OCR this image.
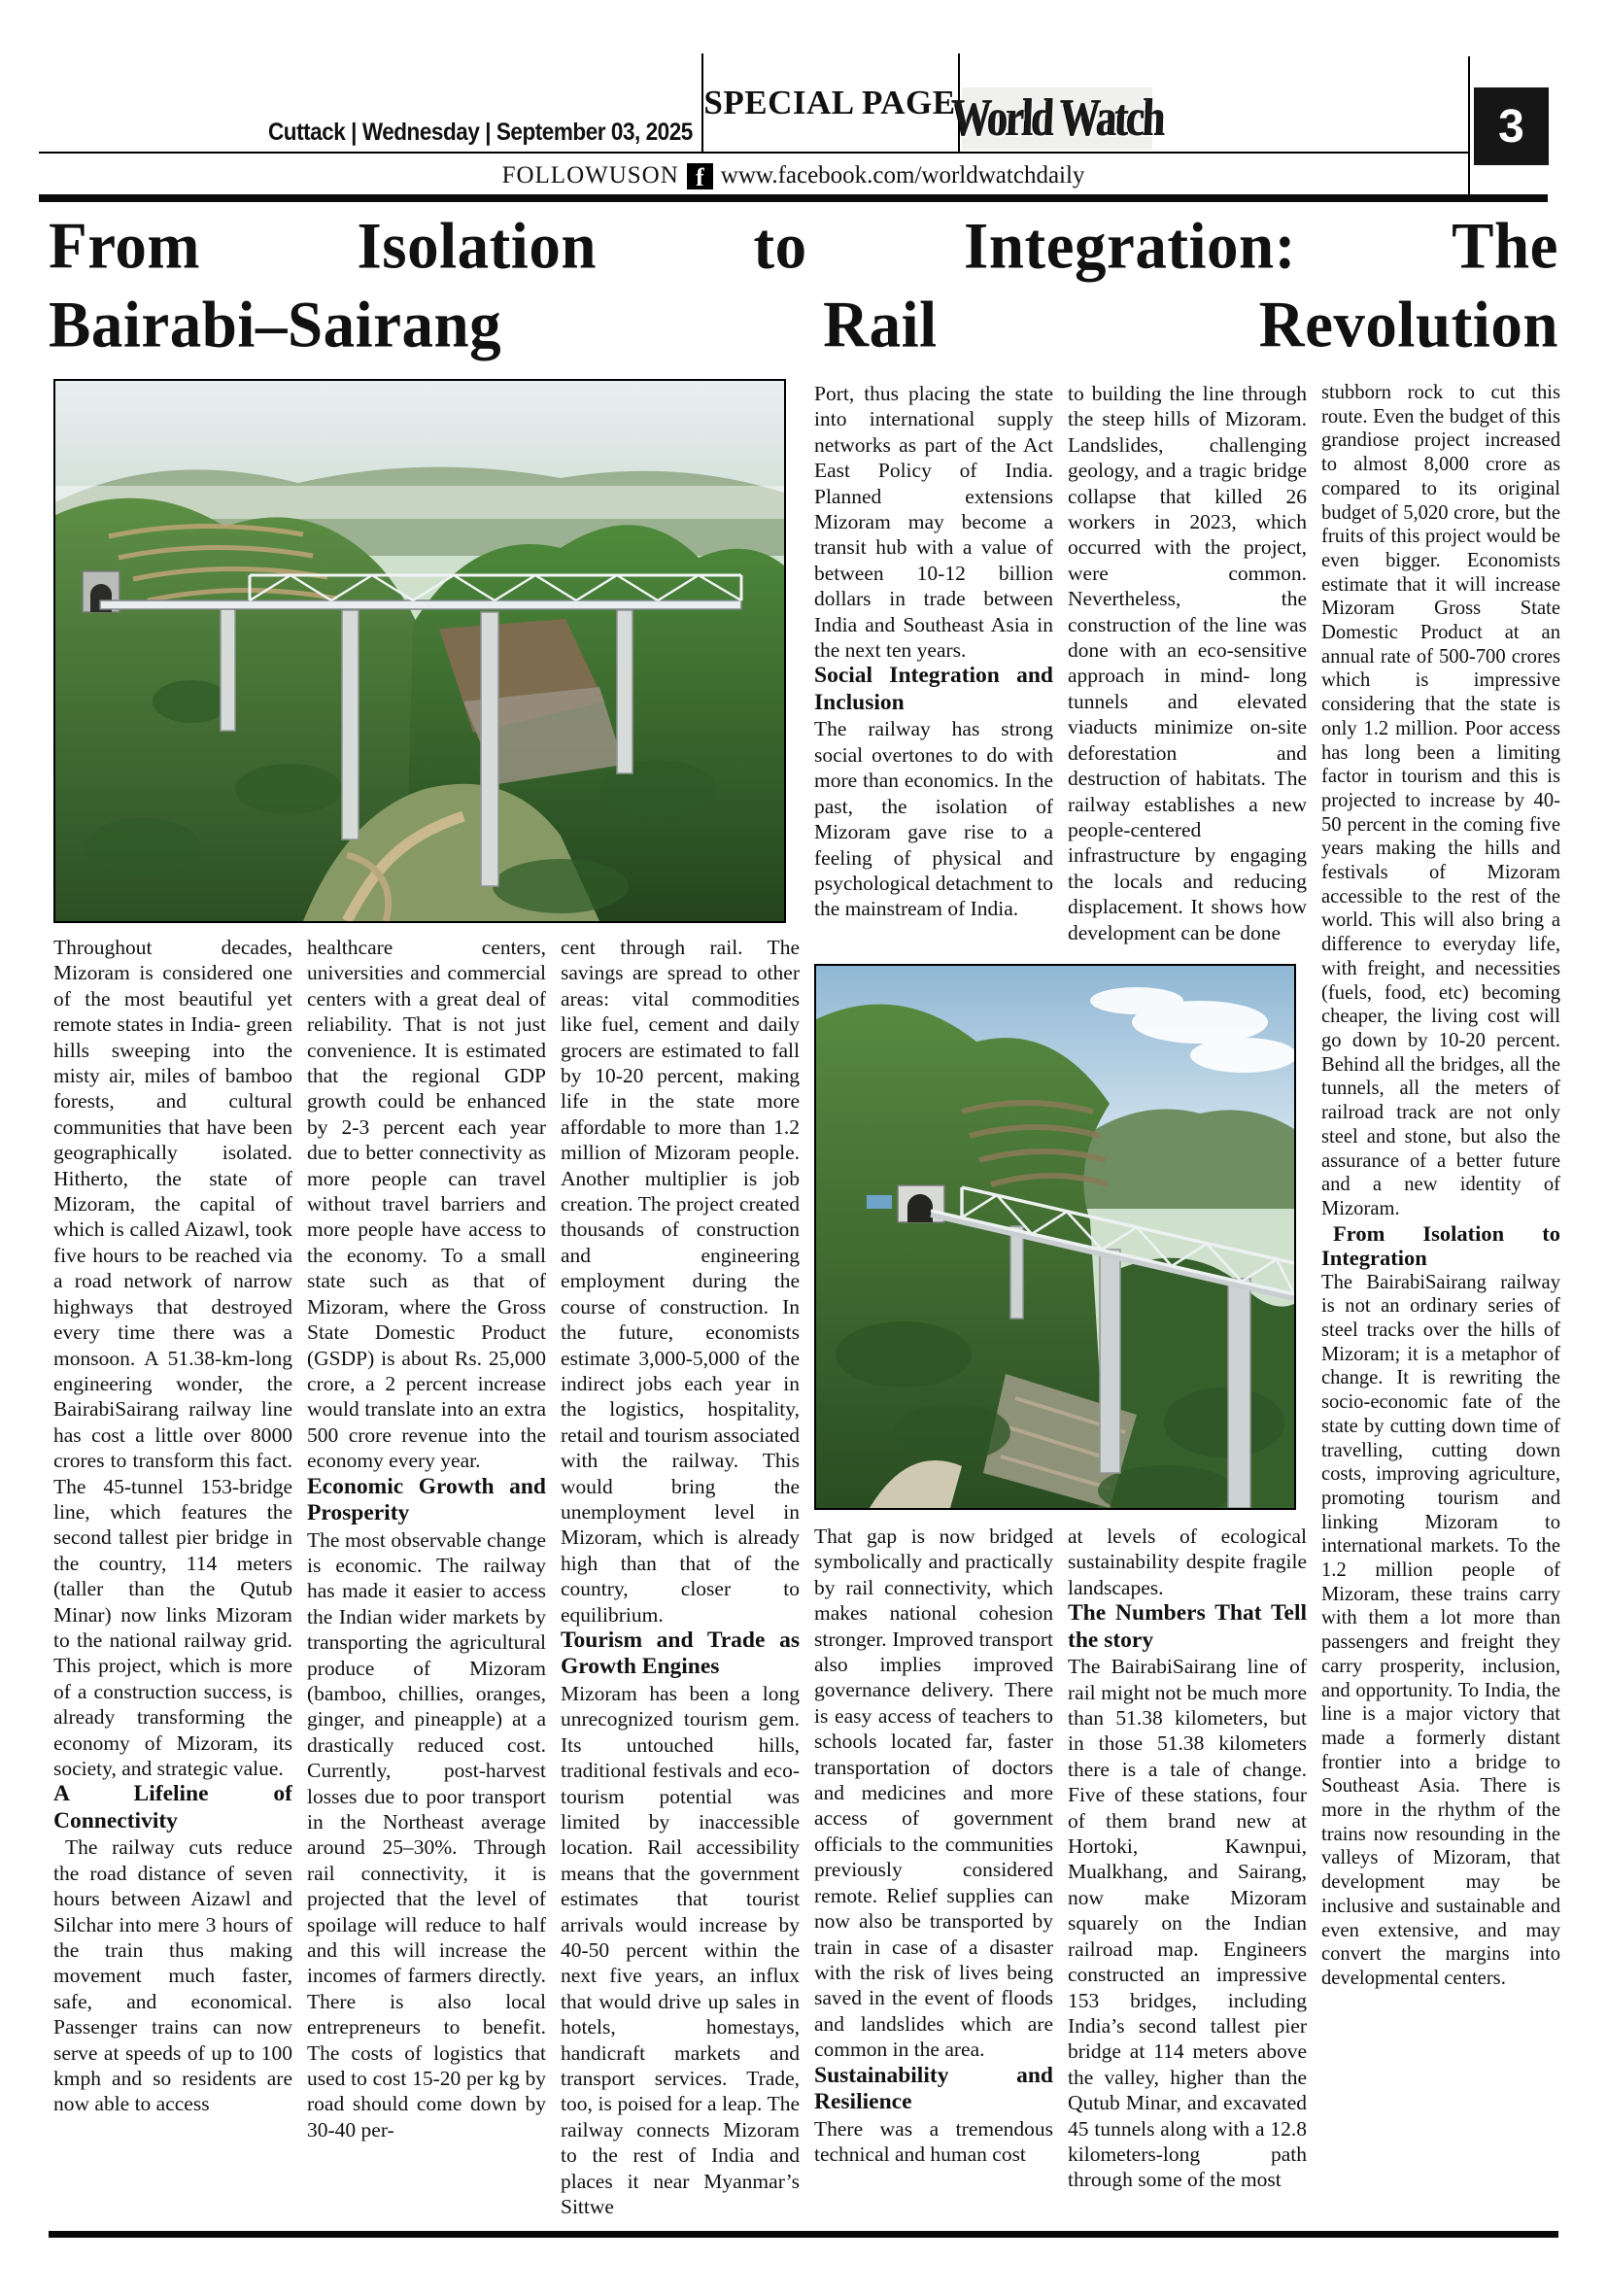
Cuttack | Wednesday | September 03, 2025
SPECIAL PAGE
World Watch	3
FOLLOWUSON f www.facebook.com/worldwatchdaily
From Isolation to Integration: The
Bairabi–Sairang Rail Revolution

Throughout decades, Mizoram is considered one of the most beautiful yet remote states in India- green hills sweeping into the misty air, miles of bamboo forests, and cultural communities that have been geographically isolated. Hitherto, the state of Mizoram, the capital of which is called Aizawl, took five hours to be reached via a road network of narrow highways that destroyed every time there was a monsoon. A 51.38-km-long engineering wonder, the BairabiSairang railway line has cost a little over 8000 crores to transform this fact. The 45-tunnel 153-bridge line, which features the second tallest pier bridge in the country, 114 meters (taller than the Qutub Minar) now links Mizoram to the national railway grid. This project, which is more of a construction success, is already transforming the economy of Mizoram, its society, and strategic value.

A Lifeline of Connectivity

The railway cuts reduce the road distance of seven hours between Aizawl and Silchar into mere 3 hours of the train thus making movement much faster, safe, and economical. Passenger trains can now serve at speeds of up to 100 kmph and so residents are now able to access

healthcare centers, universities and commercial centers with a great deal of reliability. That is not just convenience. It is estimated that the regional GDP growth could be enhanced by 2-3 percent each year due to better connectivity as more people can travel without travel barriers and more people have access to the economy. To a small state such as that of Mizoram, where the Gross State Domestic Product (GSDP) is about Rs. 25,000 crore, a 2 percent increase would translate into an extra 500 crore revenue into the economy every year.

Economic Growth and Prosperity

The most observable change is economic. The railway has made it easier to access the Indian wider markets by transporting the agricultural produce of Mizoram (bamboo, chillies, oranges, ginger, and pineapple) at a drastically reduced cost. Currently, post-harvest losses due to poor transport in the Northeast average around 25–30%. Through rail connectivity, it is projected that the level of spoilage will reduce to half and this will increase the incomes of farmers directly. There is also local entrepreneurs to benefit. The costs of logistics that used to cost 15-20 per kg by road should come down by 30-40 per-

cent through rail. The savings are spread to other areas: vital commodities like fuel, cement and daily grocers are estimated to fall by 10-20 percent, making life in the state more affordable to more than 1.2 million of Mizoram people. Another multiplier is job creation. The project created thousands of construction and engineering employment during the course of construction. In the future, economists estimate 3,000-5,000 of the indirect jobs each year in the logistics, hospitality, retail and tourism associated with the railway. This would bring the unemployment level in Mizoram, which is already high than that of the country, closer to equilibrium.

Tourism and Trade as Growth Engines

Mizoram has been a long unrecognized tourism gem. Its untouched hills, traditional festivals and eco-tourism potential was limited by inaccessible location. Rail accessibility means that the government estimates that tourist arrivals would increase by 40-50 percent within the next five years, an influx that would drive up sales in hotels, homestays, handicraft markets and transport services. Trade, too, is poised for a leap. The railway connects Mizoram to the rest of India and places it near Myanmar’s Sittwe

Port, thus placing the state into international supply networks as part of the Act East Policy of India. Planned extensions Mizoram may become a transit hub with a value of between 10-12 billion dollars in trade between India and Southeast Asia in the next ten years.

Social Integration and Inclusion

The railway has strong social overtones to do with more than economics. In the past, the isolation of Mizoram gave rise to a feeling of physical and psychological detachment to the mainstream of India.

to building the line through the steep hills of Mizoram. Landslides, challenging geology, and a tragic bridge collapse that killed 26 workers in 2023, which occurred with the project, were common. Nevertheless, the construction of the line was done with an eco-sensitive approach in mind- long tunnels and elevated viaducts minimize on-site deforestation and destruction of habitats. The railway establishes a new people-centered infrastructure by engaging the locals and reducing displacement. It shows how development can be done

That gap is now bridged symbolically and practically by rail connectivity, which makes national cohesion stronger. Improved transport also implies improved governance delivery. There is easy access of teachers to schools located far, faster transportation of doctors and medicines and more access of government officials to the communities previously considered remote. Relief supplies can now also be transported by train in case of a disaster with the risk of lives being saved in the event of floods and landslides which are common in the area.

Sustainability and Resilience

There was a tremendous technical and human cost

at levels of ecological sustainability despite fragile landscapes.

The Numbers That Tell the story

The BairabiSairang line of rail might not be much more than 51.38 kilometers, but in those 51.38 kilometers there is a tale of change. Five of these stations, four of them brand new at Hortoki, Kawnpui, Mualkhang, and Sairang, now make Mizoram squarely on the Indian railroad map. Engineers constructed an impressive 153 bridges, including India’s second tallest pier bridge at 114 meters above the valley, higher than the Qutub Minar, and excavated 45 tunnels along with a 12.8 kilometers-long path through some of the most

stubborn rock to cut this route. Even the budget of this grandiose project increased to almost 8,000 crore as compared to its original budget of 5,020 crore, but the fruits of this project would be even bigger. Economists estimate that it will increase Mizoram Gross State Domestic Product at an annual rate of 500-700 crores which is impressive considering that the state is only 1.2 million. Poor access has long been a limiting factor in tourism and this is projected to increase by 40-50 percent in the coming five years making the hills and festivals of Mizoram accessible to the rest of the world. This will also bring a difference to everyday life, with freight, and necessities (fuels, food, etc) becoming cheaper, the living cost will go down by 10-20 percent. Behind all the bridges, all the tunnels, all the meters of railroad track are not only steel and stone, but also the assurance of a better future and a new identity of Mizoram.

From Isolation to Integration

The BairabiSairang railway is not an ordinary series of steel tracks over the hills of Mizoram; it is a metaphor of change. It is rewriting the socio-economic fate of the state by cutting down time of travelling, cutting down costs, improving agriculture, promoting tourism and linking Mizoram to international markets. To the 1.2 million people of Mizoram, these trains carry with them a lot more than passengers and freight they carry prosperity, inclusion, and opportunity. To India, the line is a major victory that made a formerly distant frontier into a bridge to Southeast Asia. There is more in the rhythm of the trains now resounding in the valleys of Mizoram, that development may be inclusive and sustainable and even extensive, and may convert the margins into developmental centers.
